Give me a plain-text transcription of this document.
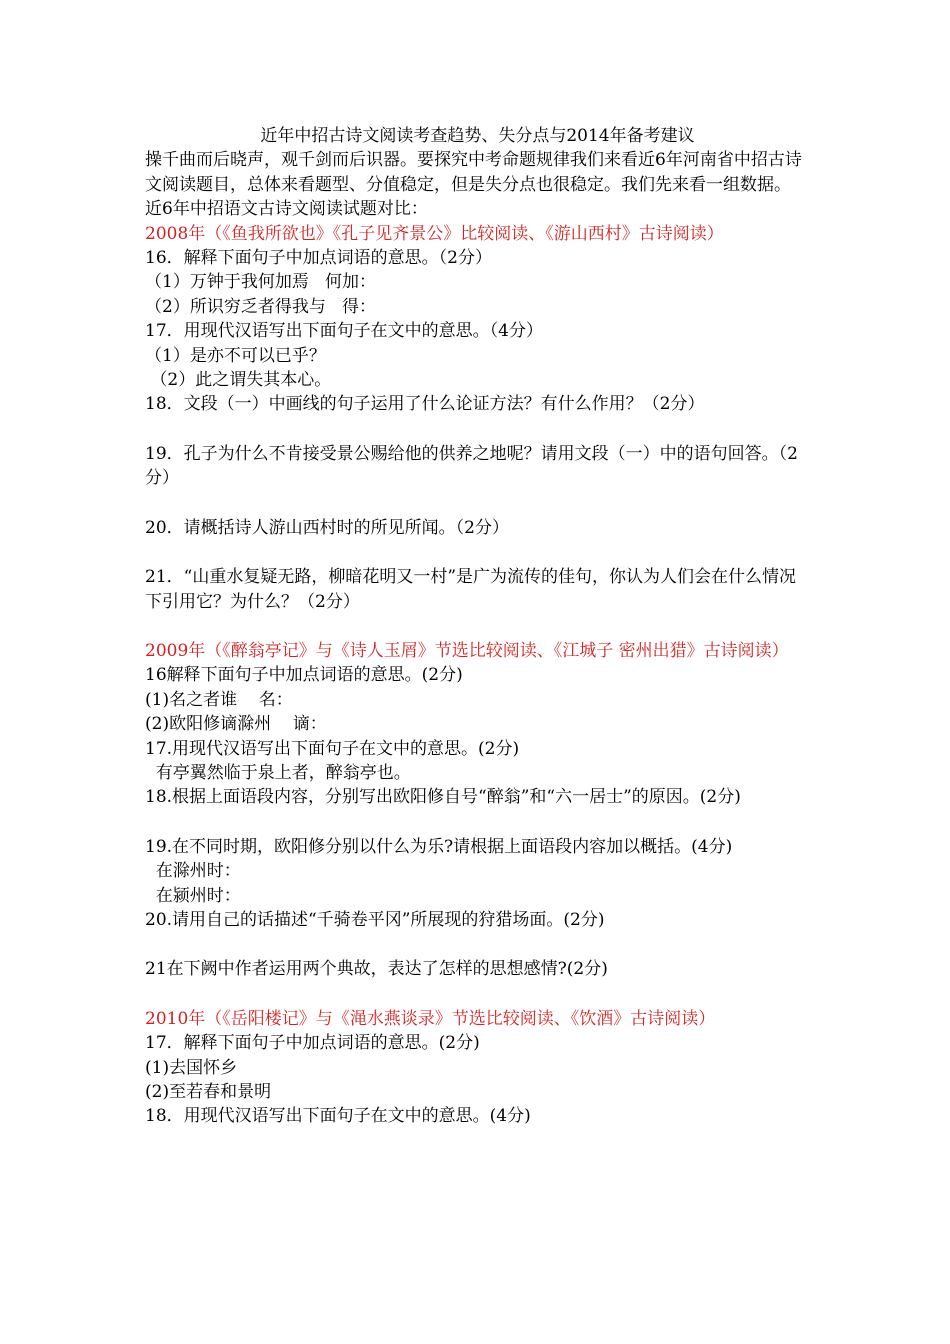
近年中招古诗文阅读考查趋势、失分点与2014年备考建议
操千曲而后晓声，观千剑而后识器。要探究中考命题规律我们来看近6年河南省中招古诗文阅读题目，总体来看题型、分值稳定，但是失分点也很稳定。我们先来看一组数据。
近6年中招语文古诗文阅读试题对比：
2008年（《鱼我所欲也》《孔子见齐景公》比较阅读、《游山西村》古诗阅读）
16．解释下面句子中加点词语的意思。（2分）
（1）万钟于我何加焉   何加：
（2）所识穷乏者得我与   得：
17．用现代汉语写出下面句子在文中的意思。（4分）
（1）是亦不可以已乎？
（2）此之谓失其本心。
18．文段（一）中画线的句子运用了什么论证方法？有什么作用？（2分）
19．孔子为什么不肯接受景公赐给他的供养之地呢？请用文段（一）中的语句回答。（2分）
20．请概括诗人游山西村时的所见所闻。（2分）
21．“山重水复疑无路，柳暗花明又一村”是广为流传的佳句，你认为人们会在什么情况下引用它？为什么？（2分）
2009年（《醉翁亭记》与《诗人玉屑》节选比较阅读、《江城子 密州出猎》古诗阅读）
16解释下面句子中加点词语的意思。(2分)
(1)名之者谁    名：
(2)欧阳修谪滁州    谪：
17.用现代汉语写出下面句子在文中的意思。(2分)
有亭翼然临于泉上者，醉翁亭也。
18.根据上面语段内容，分别写出欧阳修自号“醉翁”和“六一居士”的原因。(2分)
19.在不同时期，欧阳修分别以什么为乐?请根据上面语段内容加以概括。(4分)
在滁州时：
在颍州时：
20.请用自己的话描述“千骑卷平冈”所展现的狩猎场面。(2分)
21在下阙中作者运用两个典故，表达了怎样的思想感情?(2分)
2010年（《岳阳楼记》与《渑水燕谈录》节选比较阅读、《饮酒》古诗阅读）
17．解释下面句子中加点词语的意思。(2分)
(1)去国怀乡
(2)至若春和景明
18．用现代汉语写出下面句子在文中的意思。(4分)
